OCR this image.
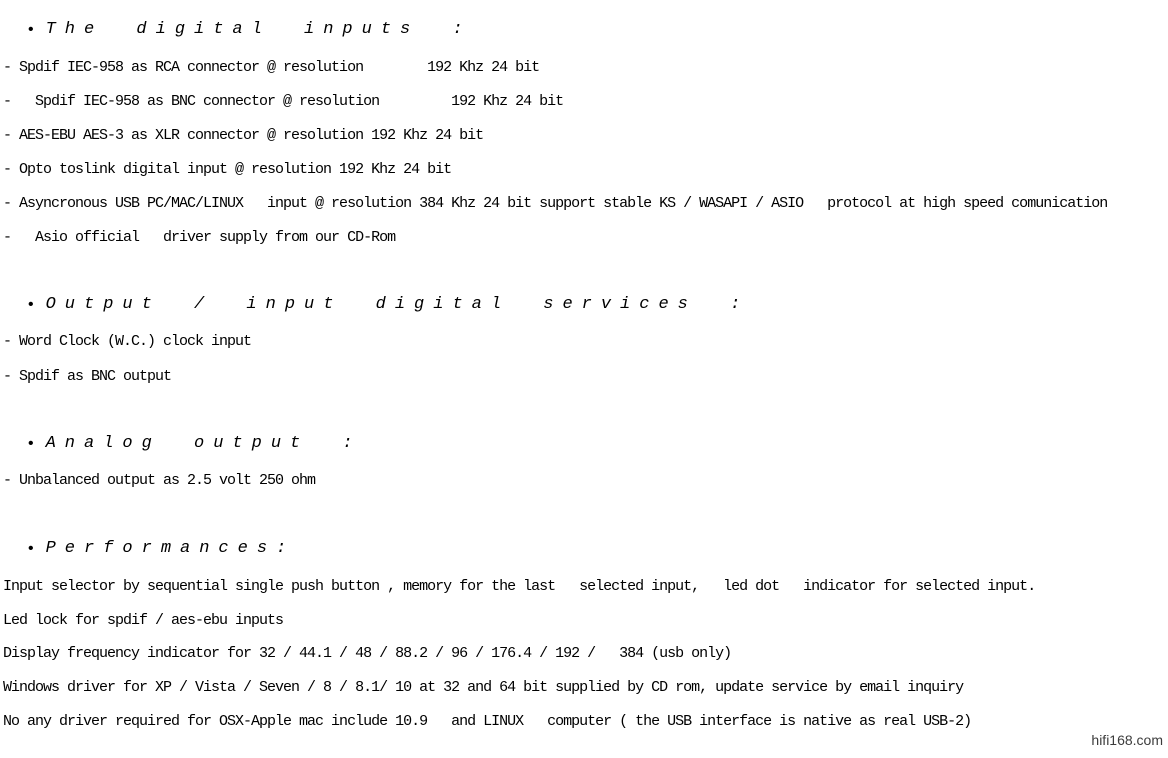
• The digital inputs :
- Spdif IEC-958 as RCA connector @ resolution        192 Khz 24 bit
-   Spdif IEC-958 as BNC connector @ resolution         192 Khz 24 bit
- AES-EBU AES-3 as XLR connector @ resolution 192 Khz 24 bit
- Opto toslink digital input @ resolution 192 Khz 24 bit
- Asyncronous USB PC/MAC/LINUX   input @ resolution 384 Khz 24 bit support stable KS / WASAPI / ASIO   protocol at high speed comunication
-   Asio official   driver supply from our CD-Rom
• Output / input digital services :
- Word Clock (W.C.) clock input
- Spdif as BNC output
• Analog output :
- Unbalanced output as 2.5 volt 250 ohm
• Performances:
Input selector by sequential single push button , memory for the last   selected input,   led dot   indicator for selected input.
Led lock for spdif / aes-ebu inputs
Display frequency indicator for 32 / 44.1 / 48 / 88.2 / 96 / 176.4 / 192 /   384 (usb only)
Windows driver for XP / Vista / Seven / 8 / 8.1/ 10 at 32 and 64 bit supplied by CD rom, update service by email inquiry
No any driver required for OSX-Apple mac include 10.9   and LINUX   computer ( the USB interface is native as real USB-2)
hifi168.com
